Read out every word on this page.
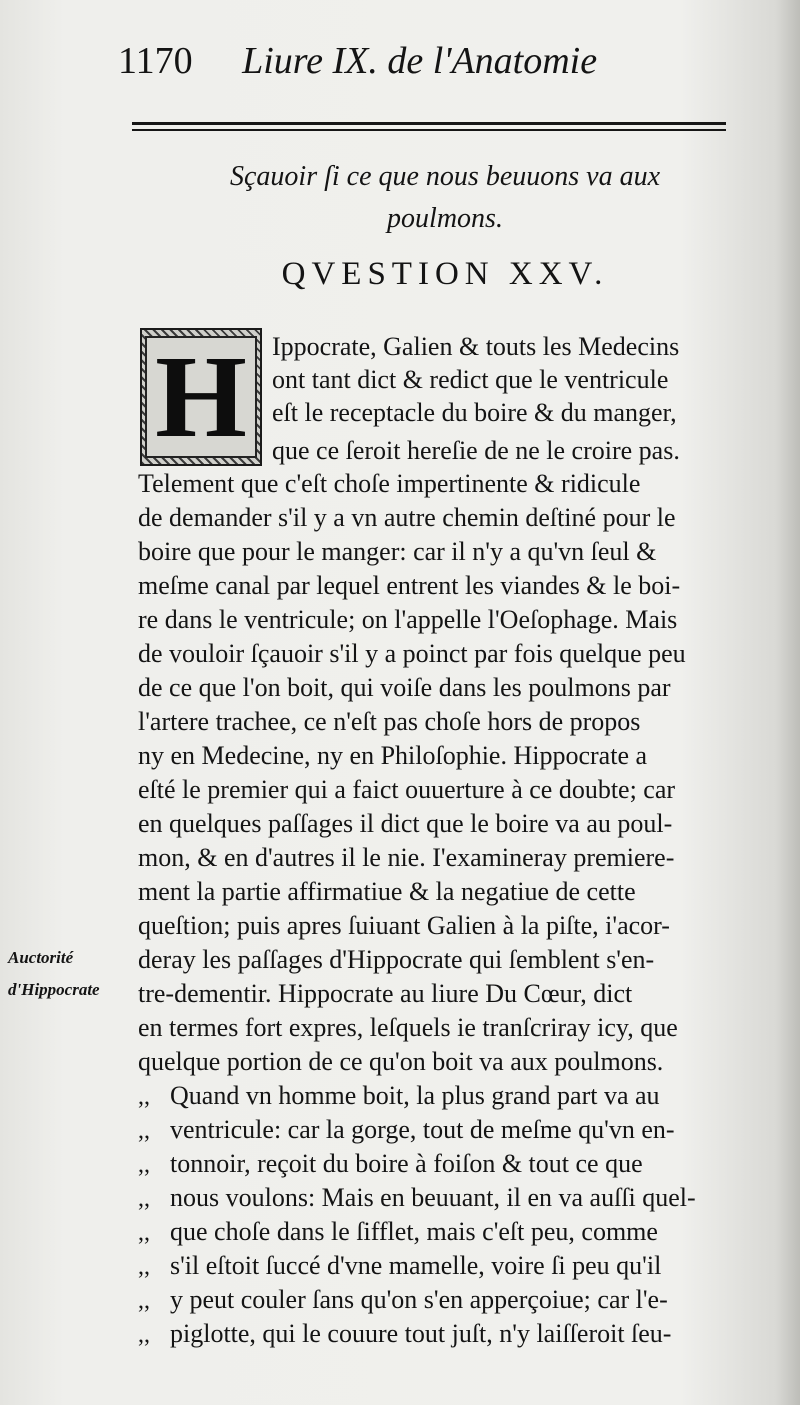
1170 Liure IX. de l'Anatomie
Sçauoir ſi ce que nous beuuons va aux
poulmons.
QVESTION XXV.
H Ippocrate, Galien & touts les Medecins
ont tant dict & redict que le ventricule
eſt le receptacle du boire & du manger,
que ce ſeroit hereſie de ne le croire pas.
Telement que c'eſt choſe impertinente & ridicule
de demander s'il y a vn autre chemin deſtiné pour le
boire que pour le manger: car il n'y a qu'vn ſeul &
meſme canal par lequel entrent les viandes & le boi-
re dans le ventricule; on l'appelle l'Oeſophage. Mais
de vouloir ſçauoir s'il y a poinct par fois quelque peu
de ce que l'on boit, qui voiſe dans les poulmons par
l'artere trachee, ce n'eſt pas choſe hors de propos
ny en Medecine, ny en Philoſophie. Hippocrate a
eſté le premier qui a faict ouuerture à ce doubte; car
en quelques paſſages il dict que le boire va au poul-
mon, & en d'autres il le nie. I'examineray premiere-
ment la partie affirmatiue & la negatiue de cette
queſtion; puis apres ſuiuant Galien à la piſte, i'acor-
deray les paſſages d'Hippocrate qui ſemblent s'en-
tre-dementir. Hippocrate au liure Du Cœur, dict
en termes fort expres, leſquels ie tranſcriray icy, que
quelque portion de ce qu'on boit va aux poulmons.
,, Quand vn homme boit, la plus grand part va au
,, ventricule: car la gorge, tout de meſme qu'vn en-
,, tonnoir, reçoit du boire à foiſon & tout ce que
,, nous voulons: Mais en beuuant, il en va auſſi quel-
,, que choſe dans le ſifflet, mais c'eſt peu, comme
,, s'il eſtoit ſuccé d'vne mamelle, voire ſi peu qu'il
,, y peut couler ſans qu'on s'en apperçoiue; car l'e-
,, piglotte, qui le couure tout juſt, n'y laiſſeroit ſeu-
Auctorité
d'Hippocrate
